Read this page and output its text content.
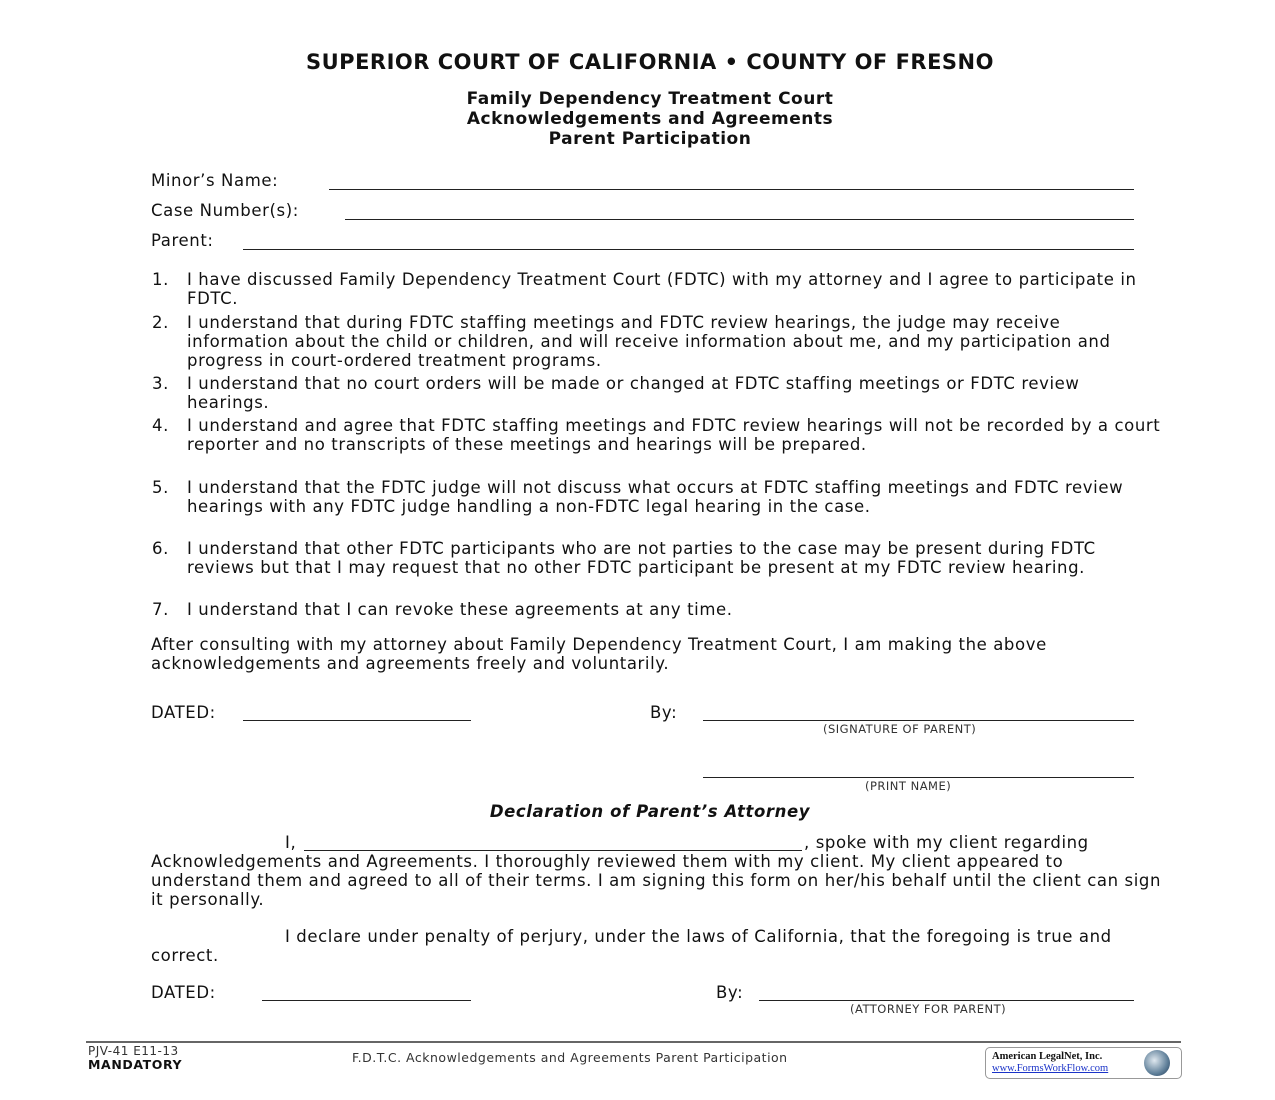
SUPERIOR COURT OF CALIFORNIA • COUNTY OF FRESNO
Family Dependency Treatment Court
Acknowledgements and Agreements
Parent Participation
Minor’s Name:
Case Number(s):
Parent:
1. I have discussed Family Dependency Treatment Court (FDTC) with my attorney and I agree to participate in FDTC.
2. I understand that during FDTC staffing meetings and FDTC review hearings, the judge may receive information about the child or children, and will receive information about me, and my participation and progress in court-ordered treatment programs.
3. I understand that no court orders will be made or changed at FDTC staffing meetings or FDTC review hearings.
4. I understand and agree that FDTC staffing meetings and FDTC review hearings will not be recorded by a court reporter and no transcripts of these meetings and hearings will be prepared.
5. I understand that the FDTC judge will not discuss what occurs at FDTC staffing meetings and FDTC review hearings with any FDTC judge handling a non-FDTC legal hearing in the case.
6. I understand that other FDTC participants who are not parties to the case may be present during FDTC reviews but that I may request that no other FDTC participant be present at my FDTC review hearing.
7. I understand that I can revoke these agreements at any time.
After consulting with my attorney about Family Dependency Treatment Court, I am making the above acknowledgements and agreements freely and voluntarily.
DATED:	By:
(SIGNATURE OF PARENT)
(PRINT NAME)
Declaration of Parent’s Attorney
I,	, spoke with my client regarding
Acknowledgements and Agreements. I thoroughly reviewed them with my client. My client appeared to understand them and agreed to all of their terms. I am signing this form on her/his behalf until the client can sign it personally.
I declare under penalty of perjury, under the laws of California, that the foregoing is true and correct.
DATED:	By:
(ATTORNEY FOR PARENT)
PJV-41 E11-13
MANDATORY	F.D.T.C. Acknowledgements and Agreements Parent Participation	American LegalNet, Inc.
www.FormsWorkFlow.com
